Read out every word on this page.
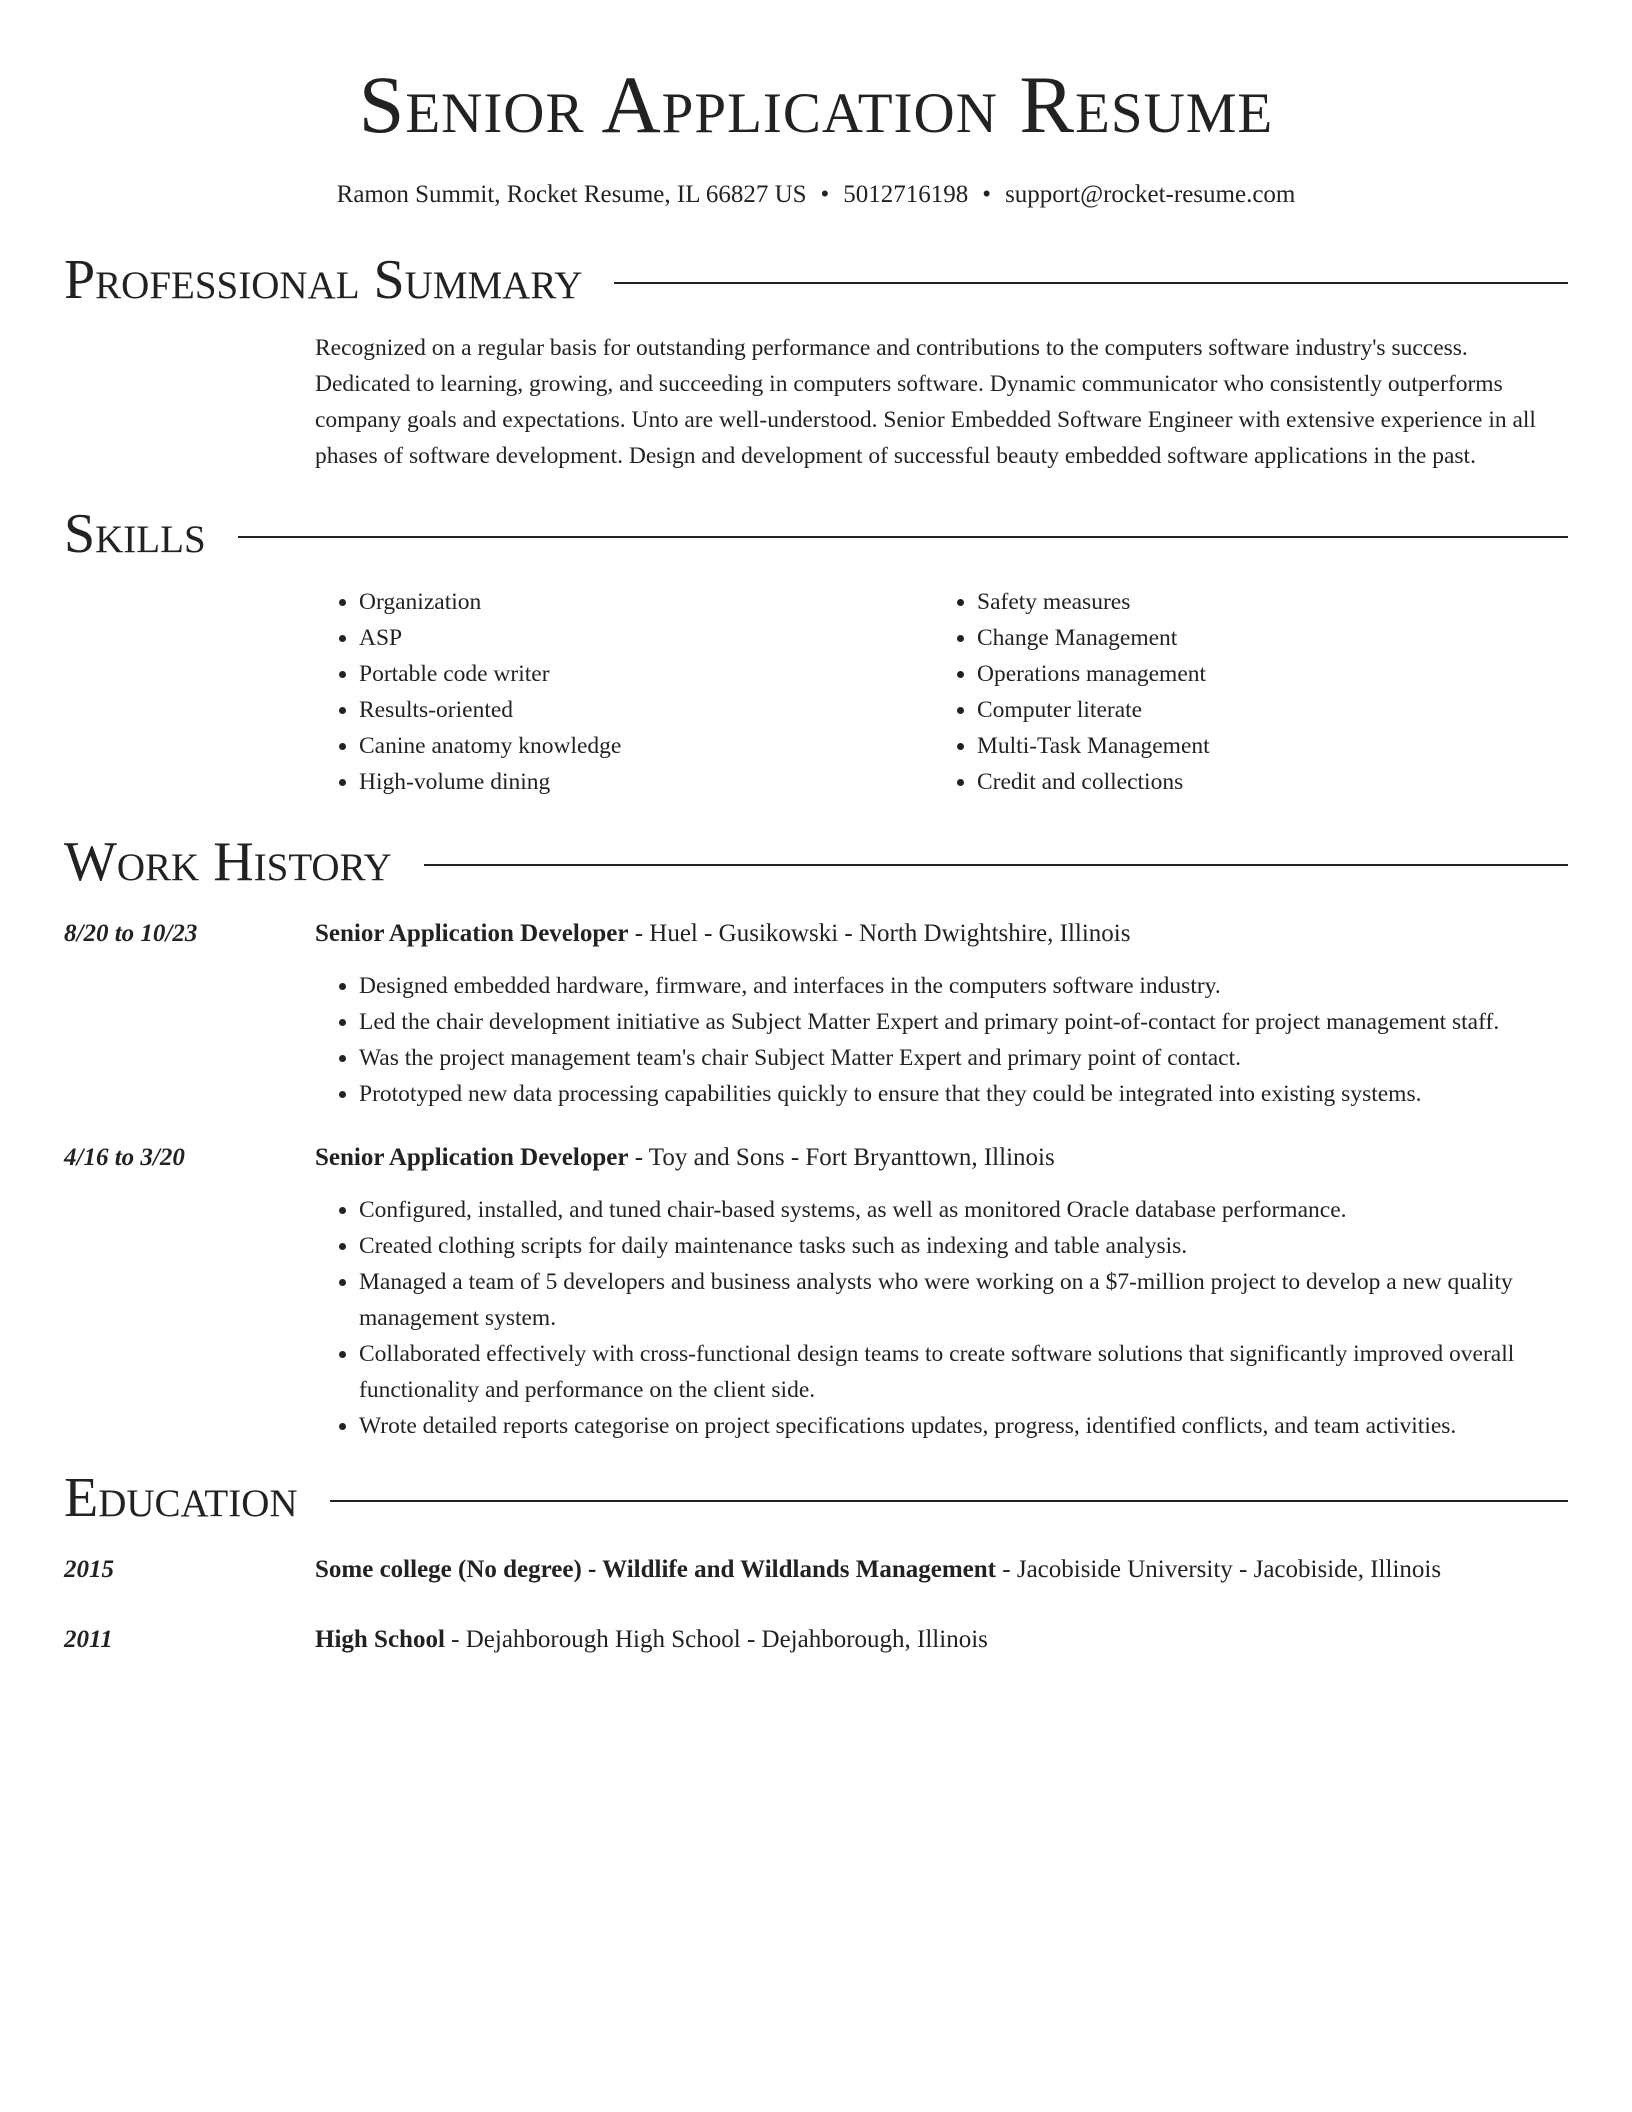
Senior Application Resume
Ramon Summit, Rocket Resume, IL 66827 US • 5012716198 • support@rocket-resume.com
Professional Summary
Recognized on a regular basis for outstanding performance and contributions to the computers software industry's success. Dedicated to learning, growing, and succeeding in computers software. Dynamic communicator who consistently outperforms company goals and expectations. Unto are well-understood. Senior Embedded Software Engineer with extensive experience in all phases of software development. Design and development of successful beauty embedded software applications in the past.
Skills
• Organization
• ASP
• Portable code writer
• Results-oriented
• Canine anatomy knowledge
• High-volume dining
• Safety measures
• Change Management
• Operations management
• Computer literate
• Multi-Task Management
• Credit and collections
Work History
8/20 to 10/23	Senior Application Developer - Huel - Gusikowski - North Dwightshire, Illinois
• Designed embedded hardware, firmware, and interfaces in the computers software industry.
• Led the chair development initiative as Subject Matter Expert and primary point-of-contact for project management staff.
• Was the project management team's chair Subject Matter Expert and primary point of contact.
• Prototyped new data processing capabilities quickly to ensure that they could be integrated into existing systems.
4/16 to 3/20	Senior Application Developer - Toy and Sons - Fort Bryanttown, Illinois
• Configured, installed, and tuned chair-based systems, as well as monitored Oracle database performance.
• Created clothing scripts for daily maintenance tasks such as indexing and table analysis.
• Managed a team of 5 developers and business analysts who were working on a $7-million project to develop a new quality management system.
• Collaborated effectively with cross-functional design teams to create software solutions that significantly improved overall functionality and performance on the client side.
• Wrote detailed reports categorise on project specifications updates, progress, identified conflicts, and team activities.
Education
2015	Some college (No degree) - Wildlife and Wildlands Management - Jacobiside University - Jacobiside, Illinois
2011	High School - Dejahborough High School - Dejahborough, Illinois
